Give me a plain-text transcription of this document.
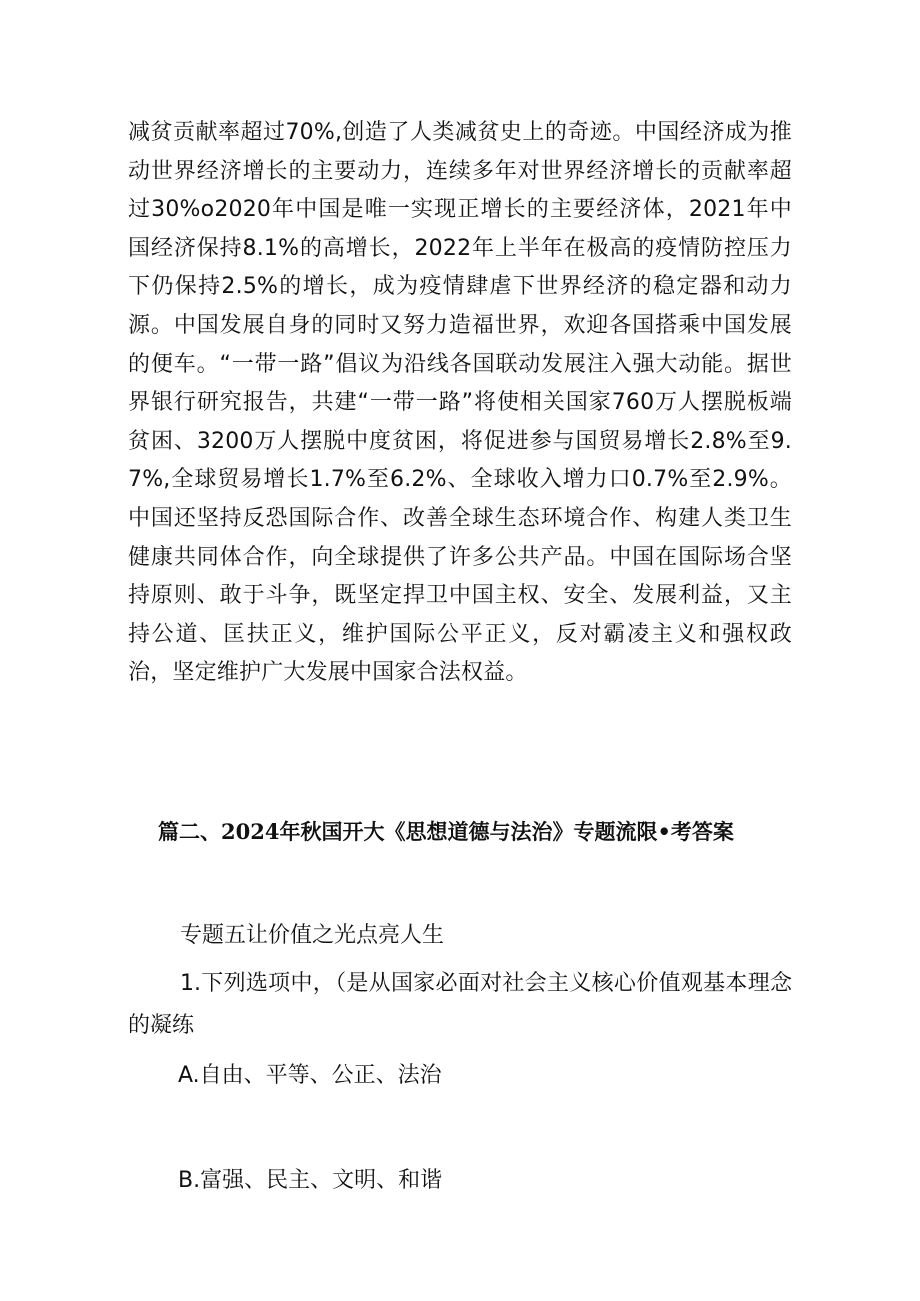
减贫贡献率超过70%,创造了人类减贫史上的奇迹。中国经济成为推动世界经济增长的主要动力，连续多年对世界经济增长的贡献率超过30%o2020年中国是唯一实现正增长的主要经济体，2021年中国经济保持8.1%的高增长，2022年上半年在极高的疫情防控压力下仍保持2.5%的增长，成为疫情肆虐下世界经济的稳定器和动力源。中国发展自身的同时又努力造福世界，欢迎各国搭乘中国发展的便车。“一带一路”倡议为沿线各国联动发展注入强大动能。据世界银行研究报告，共建“一带一路”将使相关国家760万人摆脱板端贫困、3200万人摆脱中度贫困，将促进参与国贸易增长2.8%至9.7%,全球贸易增长1.7%至6.2%、全球收入增力口0.7%至2.9%。中国还坚持反恐国际合作、改善全球生态环境合作、构建人类卫生健康共同体合作，向全球提供了许多公共产品。中国在国际场合坚持原则、敢于斗争，既坚定捍卫中国主权、安全、发展利益，又主持公道、匡扶正义，维护国际公平正义，反对霸凌主义和强权政治，坚定维护广大发展中国家合法权益。

篇二、2024年秋国开大《思想道德与法治》专题流限•考答案

专题五让价值之光点亮人生

1.下列选项中，（是从国家必面对社会主义核心价值观基本理念的凝练

A.自由、平等、公正、法治

B.富强、民主、文明、和谐
